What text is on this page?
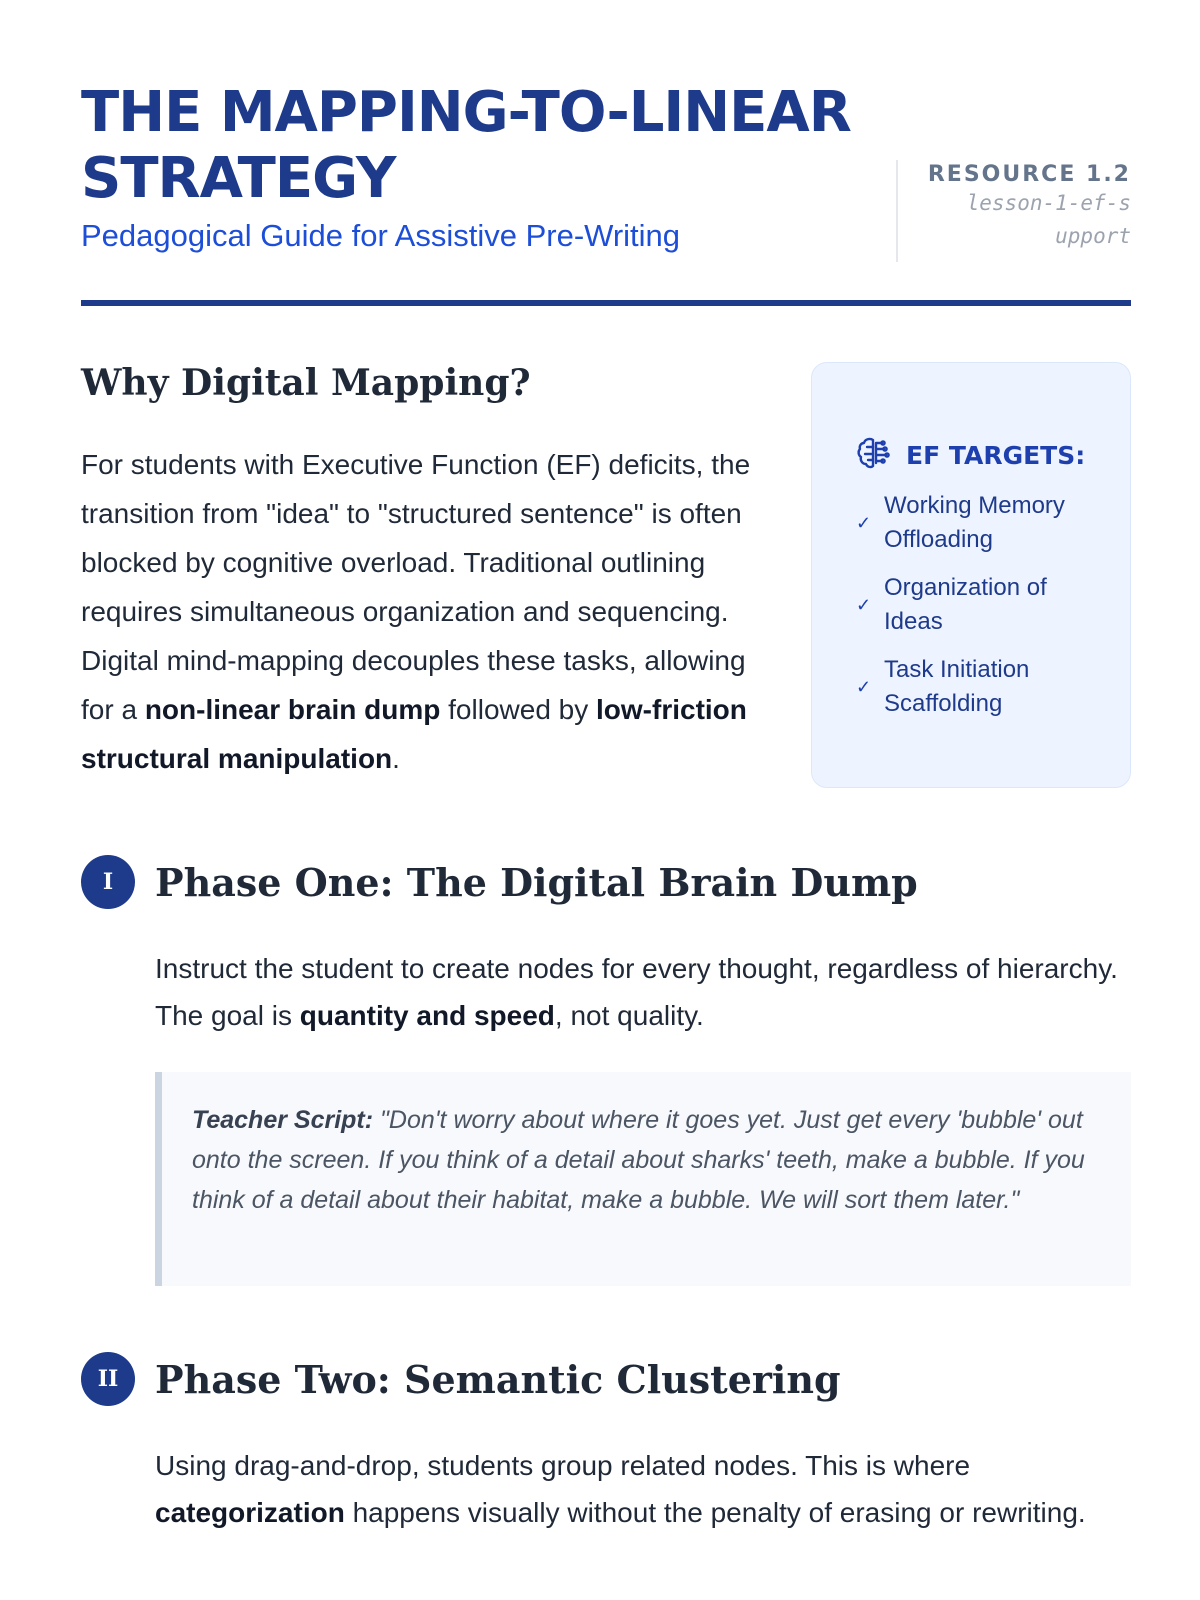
THE MAPPING-TO-LINEAR STRATEGY
Pedagogical Guide for Assistive Pre-Writing
RESOURCE 1.2
lesson-1-ef-support
Why Digital Mapping?

For students with Executive Function (EF) deficits, the transition from "idea" to "structured sentence" is often blocked by cognitive overload. Traditional outlining requires simultaneous organization and sequencing. Digital mind-mapping decouples these tasks, allowing for a non-linear brain dump followed by low-friction structural manipulation.

EF TARGETS:
✓
Working Memory Offloading
✓
Organization of Ideas
✓
Task Initiation Scaffolding
I	Phase One: The Digital Brain Dump

Instruct the student to create nodes for every thought, regardless of hierarchy. The goal is quantity and speed, not quality.

Teacher Script: "Don't worry about where it goes yet. Just get every 'bubble' out onto the screen. If you think of a detail about sharks' teeth, make a bubble. If you think of a detail about their habitat, make a bubble. We will sort them later."

II Phase Two: Semantic Clustering

Using drag-and-drop, students group related nodes. This is where categorization happens visually without the penalty of erasing or rewriting.
